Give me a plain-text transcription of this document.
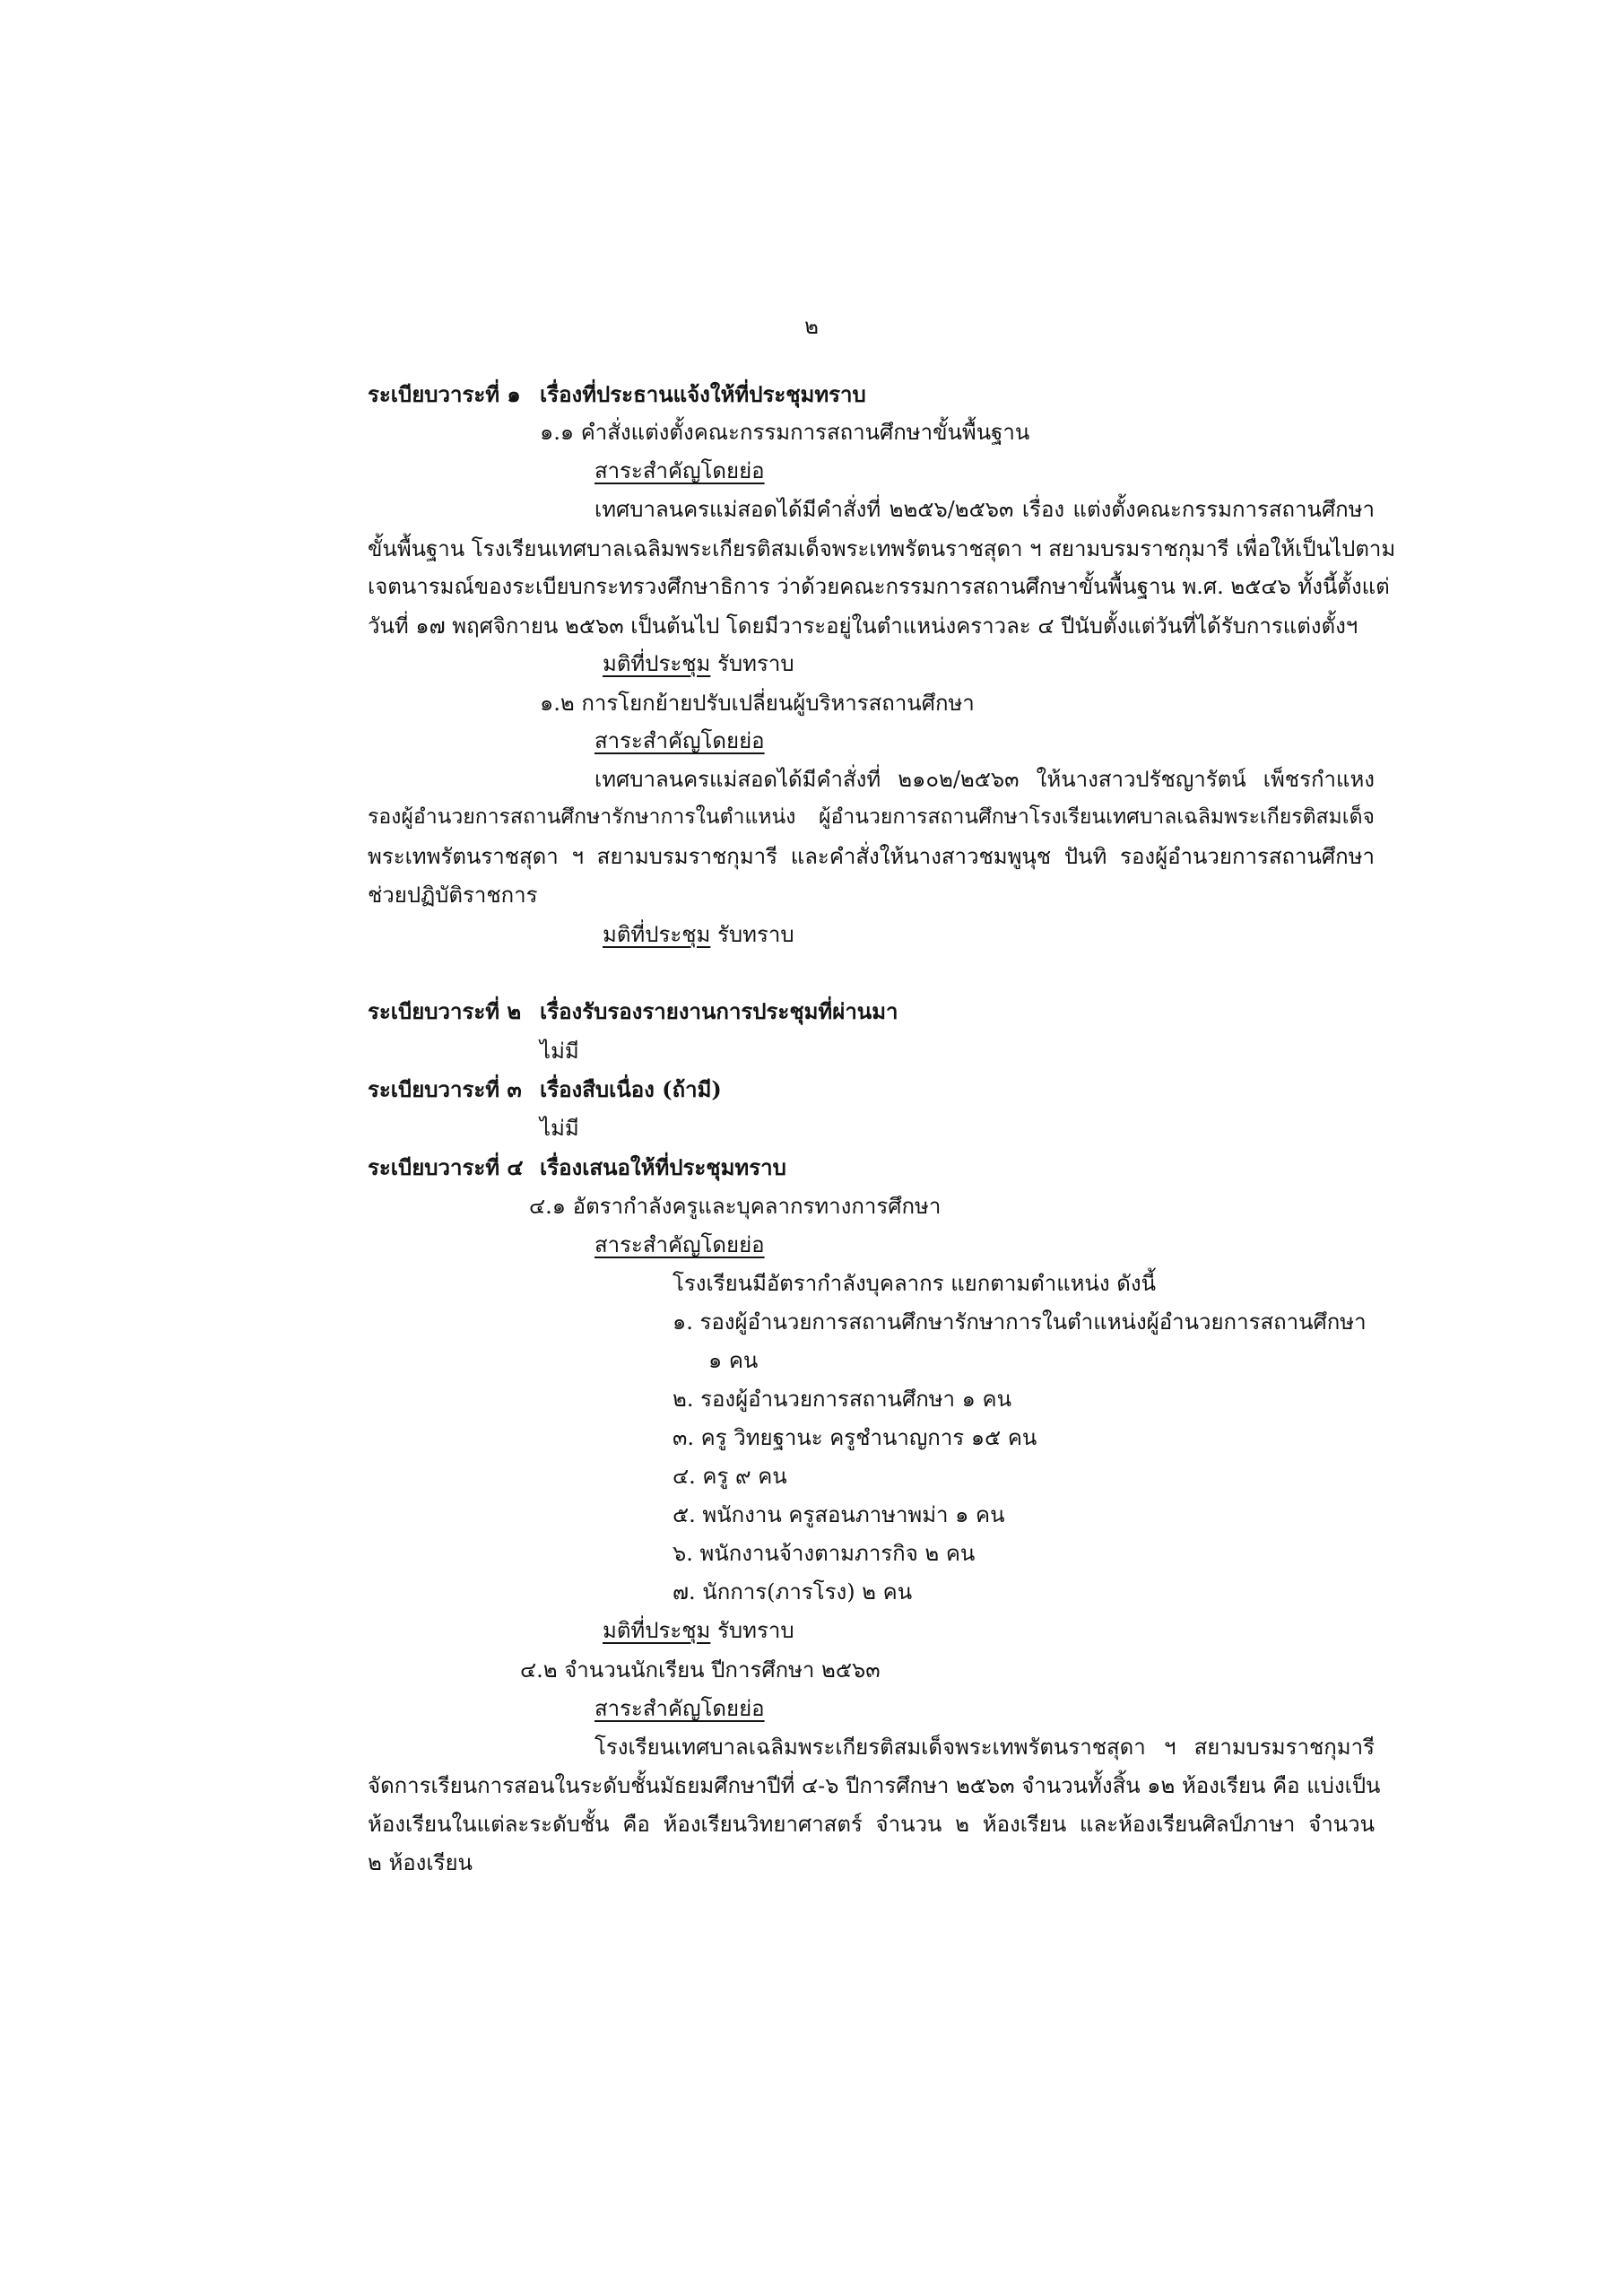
๒
ระเบียบวาระที่ ๑ เรื่องที่ประธานแจ้งให้ที่ประชุมทราบ
๑.๑ คำสั่งแต่งตั้งคณะกรรมการสถานศึกษาขั้นพื้นฐาน
สาระสำคัญโดยย่อ
เทศบาลนครแม่สอดได้มีคำสั่งที่ ๒๒๕๖/๒๕๖๓ เรื่อง แต่งตั้งคณะกรรมการสถานศึกษา
ขั้นพื้นฐาน โรงเรียนเทศบาลเฉลิมพระเกียรติสมเด็จพระเทพรัตนราชสุดา ฯ สยามบรมราชกุมารี เพื่อให้เป็นไปตาม
เจตนารมณ์ของระเบียบกระทรวงศึกษาธิการ ว่าด้วยคณะกรรมการสถานศึกษาขั้นพื้นฐาน พ.ศ. ๒๕๔๖ ทั้งนี้ตั้งแต่
วันที่ ๑๗ พฤศจิกายน ๒๕๖๓ เป็นต้นไป โดยมีวาระอยู่ในตำแหน่งคราวละ ๔ ปีนับตั้งแต่วันที่ได้รับการแต่งตั้งฯ
มติที่ประชุม รับทราบ
๑.๒ การโยกย้ายปรับเปลี่ยนผู้บริหารสถานศึกษา
สาระสำคัญโดยย่อ
เทศบาลนครแม่สอดได้มีคำสั่งที่ ๒๑๐๒/๒๕๖๓ ให้นางสาวปรัชญารัตน์ เพ็ชรกำแหง
รองผู้อำนวยการสถานศึกษารักษาการในตำแหน่ง ผู้อำนวยการสถานศึกษาโรงเรียนเทศบาลเฉลิมพระเกียรติสมเด็จ
พระเทพรัตนราชสุดา ฯ สยามบรมราชกุมารี และคำสั่งให้นางสาวชมพูนุช ปันทิ รองผู้อำนวยการสถานศึกษา
ช่วยปฏิบัติราชการ
มติที่ประชุม รับทราบ
ระเบียบวาระที่ ๒ เรื่องรับรองรายงานการประชุมที่ผ่านมา
ไม่มี
ระเบียบวาระที่ ๓ เรื่องสืบเนื่อง (ถ้ามี)
ไม่มี
ระเบียบวาระที่ ๔ เรื่องเสนอให้ที่ประชุมทราบ
๔.๑ อัตรากำลังครูและบุคลากรทางการศึกษา
สาระสำคัญโดยย่อ
โรงเรียนมีอัตรากำลังบุคลากร แยกตามตำแหน่ง ดังนี้
๑. รองผู้อำนวยการสถานศึกษารักษาการในตำแหน่งผู้อำนวยการสถานศึกษา
๑ คน
๒. รองผู้อำนวยการสถานศึกษา ๑ คน
๓. ครู วิทยฐานะ ครูชำนาญการ ๑๕ คน
๔. ครู ๙ คน
๕. พนักงาน ครูสอนภาษาพม่า ๑ คน
๖. พนักงานจ้างตามภารกิจ ๒ คน
๗. นักการ(ภารโรง) ๒ คน
มติที่ประชุม รับทราบ
๔.๒ จำนวนนักเรียน ปีการศึกษา ๒๕๖๓
สาระสำคัญโดยย่อ
โรงเรียนเทศบาลเฉลิมพระเกียรติสมเด็จพระเทพรัตนราชสุดา ฯ สยามบรมราชกุมารี
จัดการเรียนการสอนในระดับชั้นมัธยมศึกษาปีที่ ๔-๖ ปีการศึกษา ๒๕๖๓ จำนวนทั้งสิ้น ๑๒ ห้องเรียน คือ แบ่งเป็น
ห้องเรียนในแต่ละระดับชั้น คือ ห้องเรียนวิทยาศาสตร์ จำนวน ๒ ห้องเรียน และห้องเรียนศิลป์ภาษา จำนวน
๒ ห้องเรียน
